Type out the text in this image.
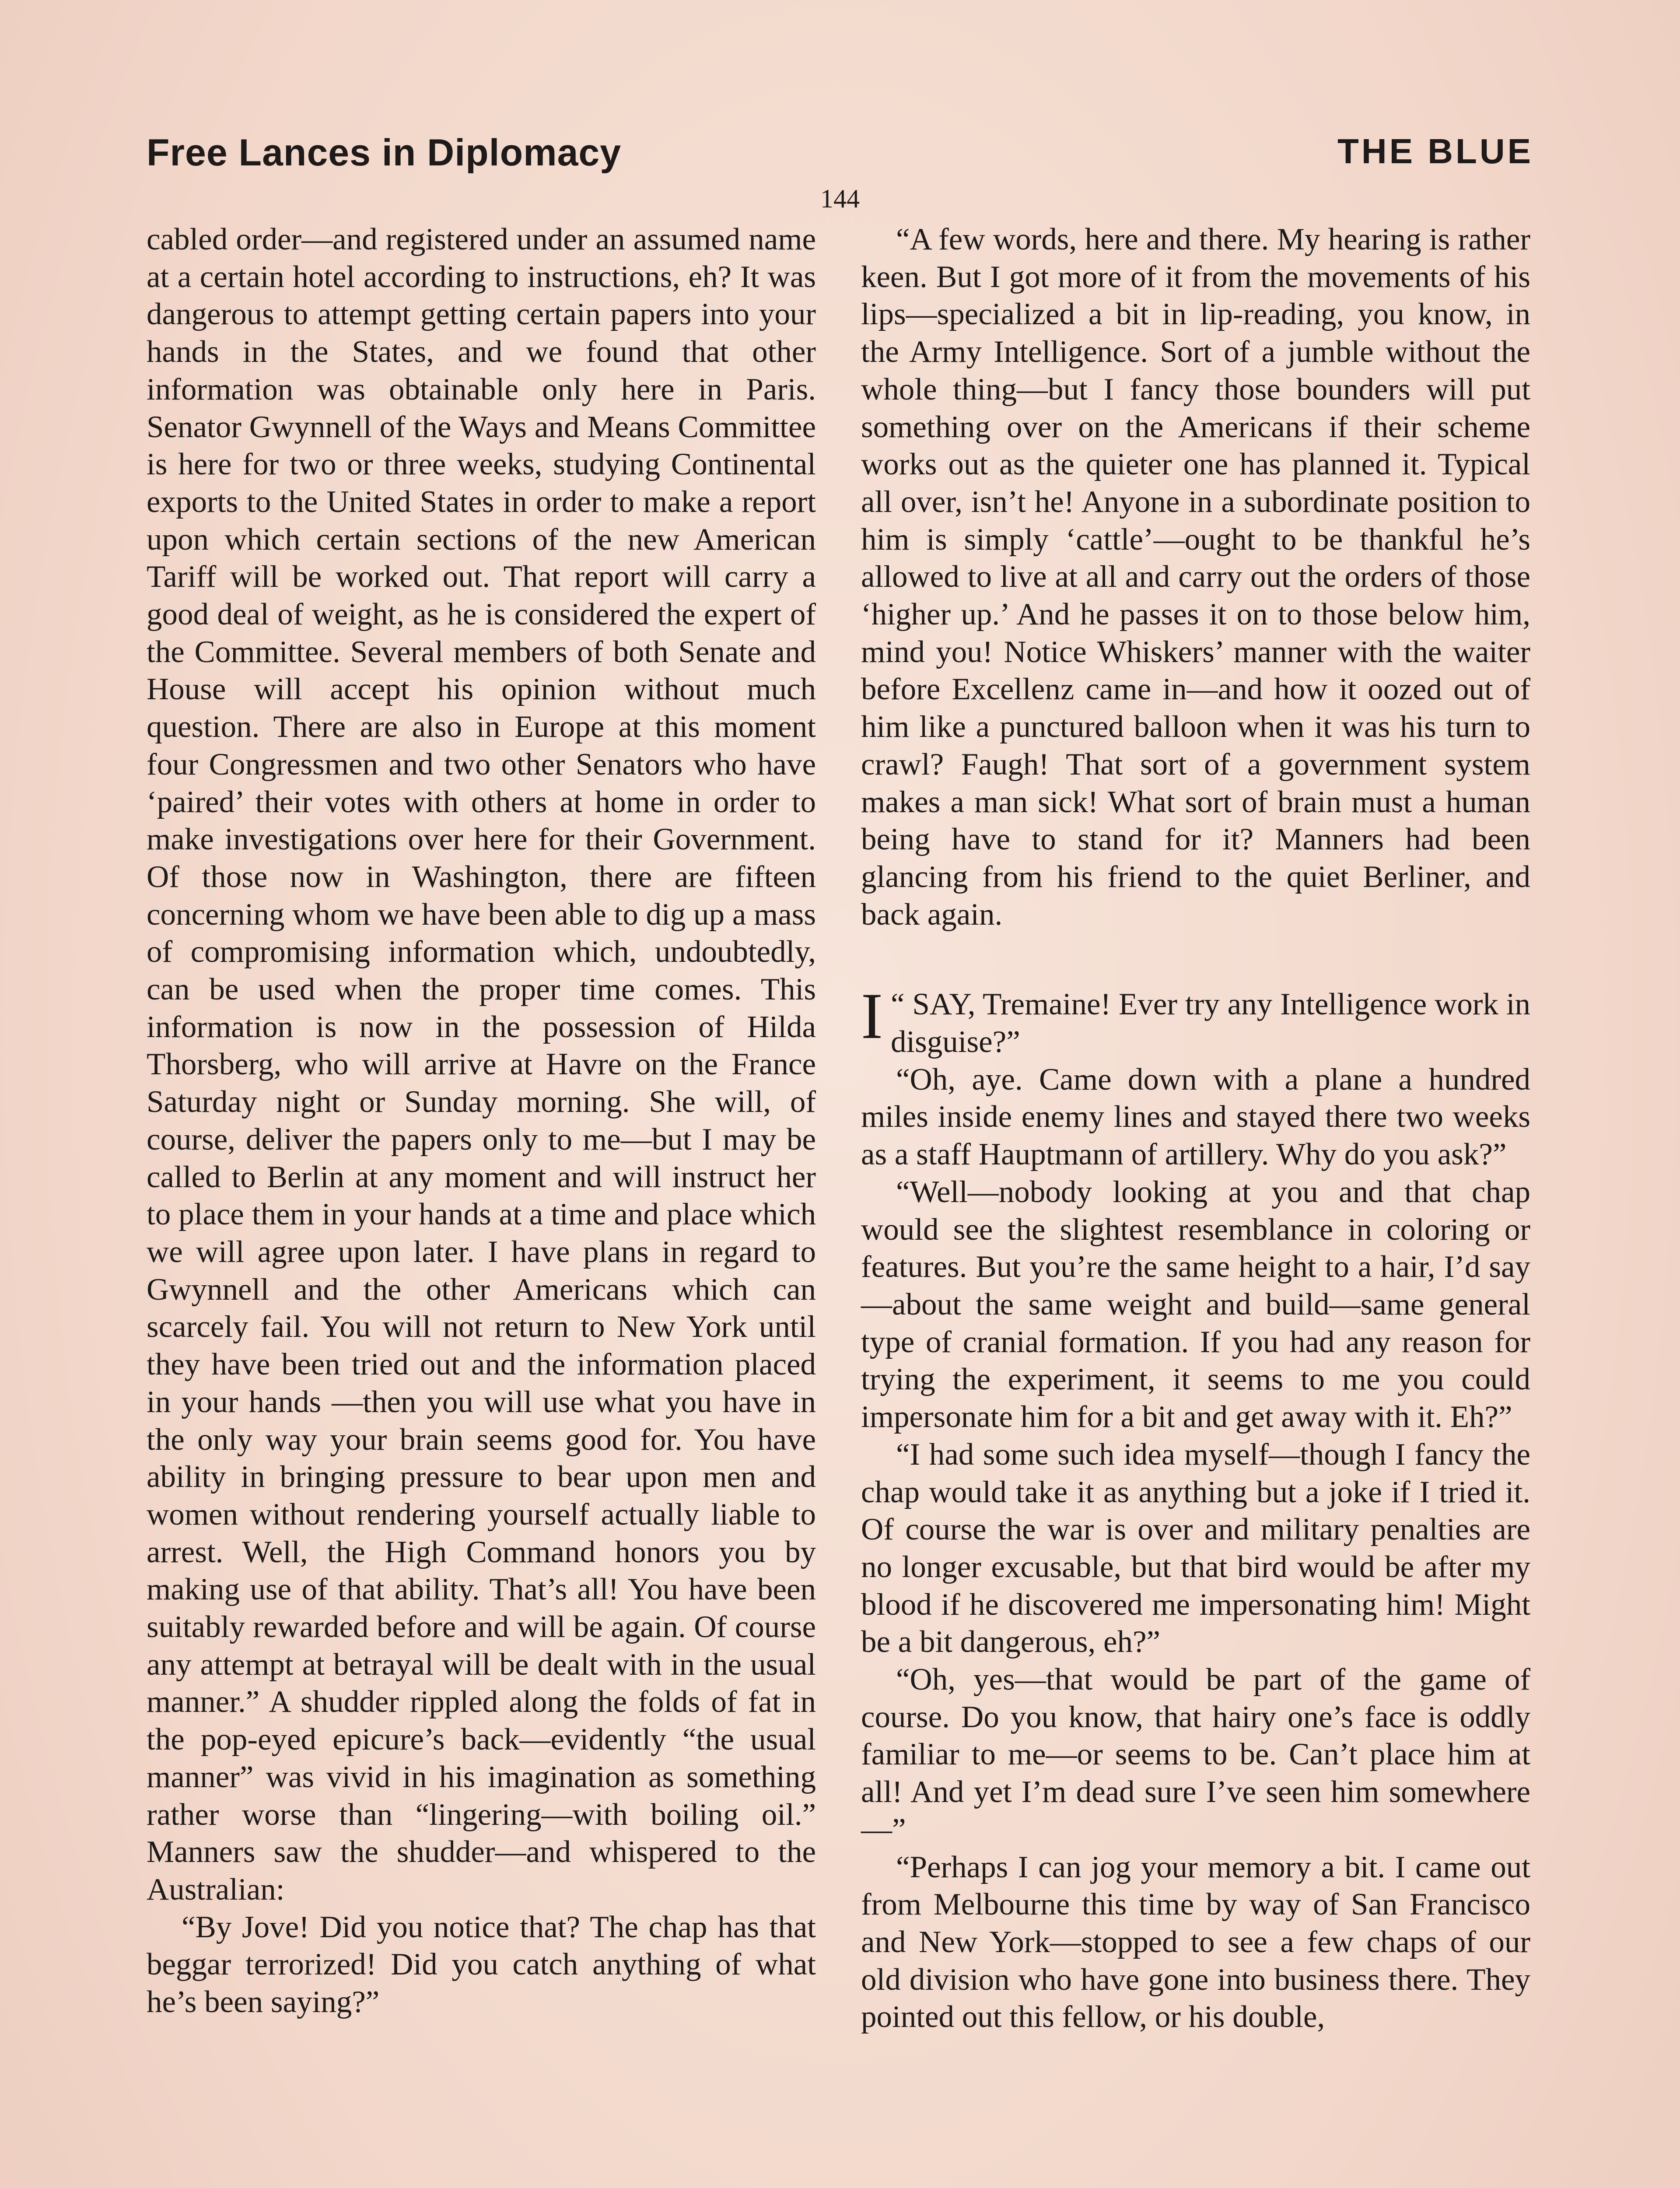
Free Lances in Diplomacy	THE BLUE
144

cabled order—and registered under an assumed name at a certain hotel according to instructions, eh? It was dangerous to attempt getting certain papers into your hands in the States, and we found that other information was obtainable only here in Paris. Senator Gwynnell of the Ways and Means Committee is here for two or three weeks, studying Continental exports to the United States in order to make a report upon which certain sections of the new American Tariff will be worked out. That report will carry a good deal of weight, as he is considered the expert of the Committee. Several members of both Senate and House will accept his opinion without much question. There are also in Europe at this moment four Congressmen and two other Senators who have ‘paired’ their votes with others at home in order to make investigations over here for their Government. Of those now in Washington, there are fifteen concerning whom we have been able to dig up a mass of compromising information which, undoubtedly, can be used when the proper time comes. This information is now in the possession of Hilda Thorsberg, who will arrive at Havre on the France Saturday night or Sunday morning. She will, of course, deliver the papers only to me—but I may be called to Berlin at any moment and will instruct her to place them in your hands at a time and place which we will agree upon later. I have plans in regard to Gwynnell and the other Americans which can scarcely fail. You will not return to New York until they have been tried out and the information placed in your hands —then you will use what you have in the only way your brain seems good for. You have ability in bringing pressure to bear upon men and women without rendering yourself actually liable to arrest. Well, the High Command honors you by making use of that ability. That’s all! You have been suitably rewarded before and will be again. Of course any attempt at betrayal will be dealt with in the usual manner.” A shudder rippled along the folds of fat in the pop-eyed epicure’s back—evidently “the usual manner” was vivid in his imagination as something rather worse than “lingering—with boiling oil.” Manners saw the shudder—and whispered to the Australian:

“By Jove! Did you notice that? The chap has that beggar terrorized! Did you catch anything of what he’s been saying?”

“A few words, here and there. My hearing is rather keen. But I got more of it from the movements of his lips—specialized a bit in lip-reading, you know, in the Army Intelligence. Sort of a jumble without the whole thing—but I fancy those bounders will put something over on the Americans if their scheme works out as the quieter one has planned it. Typical all over, isn’t he! Anyone in a subordinate position to him is simply ‘cattle’—ought to be thankful he’s allowed to live at all and carry out the orders of those ‘higher up.’ And he passes it on to those below him, mind you! Notice Whiskers’ manner with the waiter before Excellenz came in—and how it oozed out of him like a punctured balloon when it was his turn to crawl? Faugh! That sort of a government system makes a man sick! What sort of brain must a human being have to stand for it? Manners had been glancing from his friend to the quiet Berliner, and back again.

“
I SAY, Tremaine! Ever try any Intelligence work in disguise?”

“Oh, aye. Came down with a plane a hundred miles inside enemy lines and stayed there two weeks as a staff Hauptmann of artillery. Why do you ask?”

“Well—nobody looking at you and that chap would see the slightest resemblance in coloring or features. But you’re the same height to a hair, I’d say—about the same weight and build—same general type of cranial formation. If you had any reason for trying the experiment, it seems to me you could impersonate him for a bit and get away with it. Eh?”

“I had some such idea myself—though I fancy the chap would take it as anything but a joke if I tried it. Of course the war is over and military penalties are no longer excusable, but that bird would be after my blood if he discovered me impersonating him! Might be a bit dangerous, eh?”

“Oh, yes—that would be part of the game of course. Do you know, that hairy one’s face is oddly familiar to me—or seems to be. Can’t place him at all! And yet I’m dead sure I’ve seen him somewhere—”

“Perhaps I can jog your memory a bit. I came out from Melbourne this time by way of San Francisco and New York—stopped to see a few chaps of our old division who have gone into business there. They pointed out this fellow, or his double,
